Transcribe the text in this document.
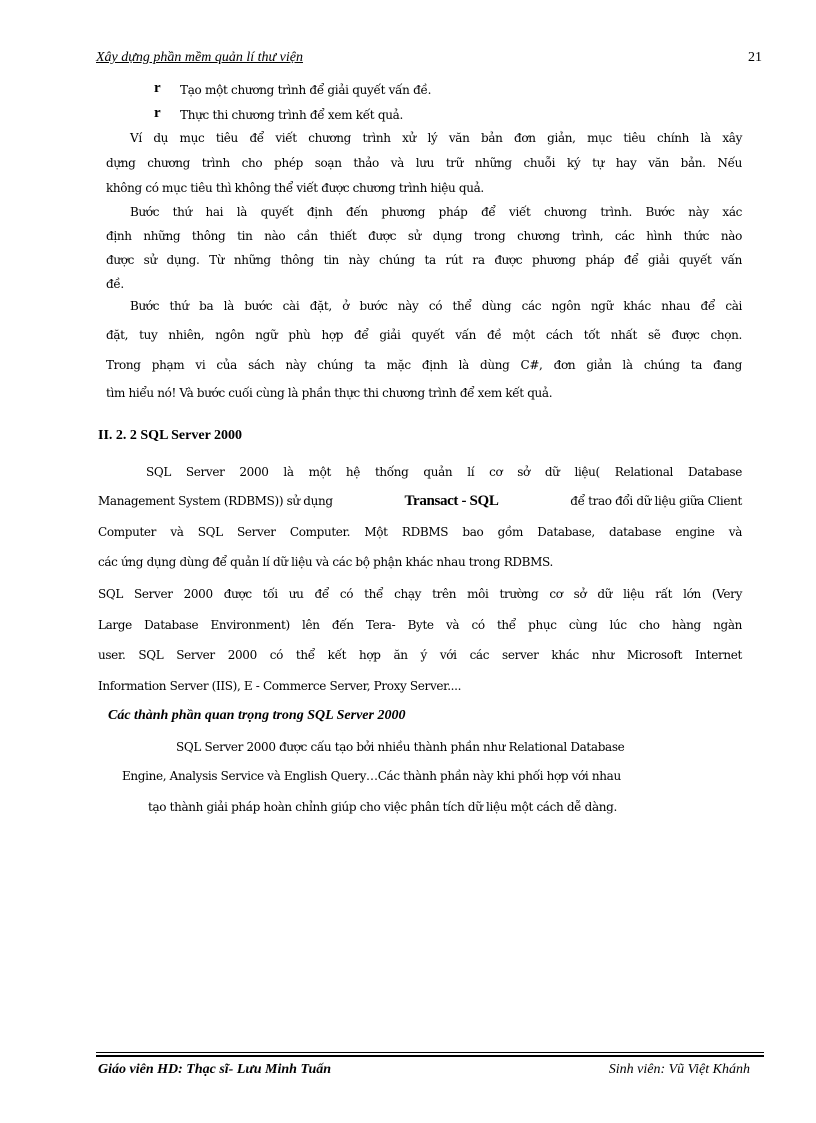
Xây dựng phần mềm quản lí thư viện	21
r Tạo một chương trình để giải quyết vấn đề.
r Thực thi chương trình để xem kết quả.
Ví dụ mục tiêu để viết chương trình xử lý văn bản đơn giản, mục tiêu chính là xây
dựng chương trình cho phép soạn thảo và lưu trữ những chuỗi ký tự hay văn bản. Nếu
không có mục tiêu thì không thể viết được chương trình hiệu quả.
Bước thứ hai là quyết định đến phương pháp để viết chương trình. Bước này xác
định những thông tin nào cần thiết được sử dụng trong chương trình, các hình thức nào
được sử dụng. Từ những thông tin này chúng ta rút ra được phương pháp để giải quyết vấn
đề.
Bước thứ ba là bước cài đặt, ở bước này có thể dùng các ngôn ngữ khác nhau để cài
đặt, tuy nhiên, ngôn ngữ phù hợp để giải quyết vấn đề một cách tốt nhất sẽ được chọn.
Trong phạm vi của sách này chúng ta mặc định là dùng C#, đơn giản là chúng ta đang
tìm hiểu nó! Và bước cuối cùng là phần thực thi chương trình để xem kết quả.
II. 2. 2 SQL Server 2000
SQL Server 2000 là một hệ thống quản lí cơ sở dữ liệu( Relational Database
Management System (RDBMS)) sử dụng	Transact - SQL	để trao đổi dữ liệu giữa Client
Computer và SQL Server Computer. Một RDBMS bao gồm Database, database engine và
các ứng dụng dùng để quản lí dữ liệu và các bộ phận khác nhau trong RDBMS.
SQL Server 2000 được tối ưu để có thể chạy trên môi trường cơ sở dữ liệu rất lớn (Very
Large Database Environment) lên đến Tera- Byte và có thể phục cùng lúc cho hàng ngàn
user. SQL Server 2000 có thể kết hợp ăn ý với các server khác như Microsoft Internet
Information Server (IIS), E - Commerce Server, Proxy Server....
Các thành phần quan trọng trong SQL Server 2000
SQL Server 2000 được cấu tạo bởi nhiều thành phần như Relational Database
Engine, Analysis Service và English Query…Các thành phần này khi phối hợp với nhau
tạo thành giải pháp hoàn chỉnh giúp cho việc phân tích dữ liệu một cách dễ dàng.
Giáo viên HD: Thạc sĩ- Lưu Minh Tuấn	Sinh viên: Vũ Việt Khánh
